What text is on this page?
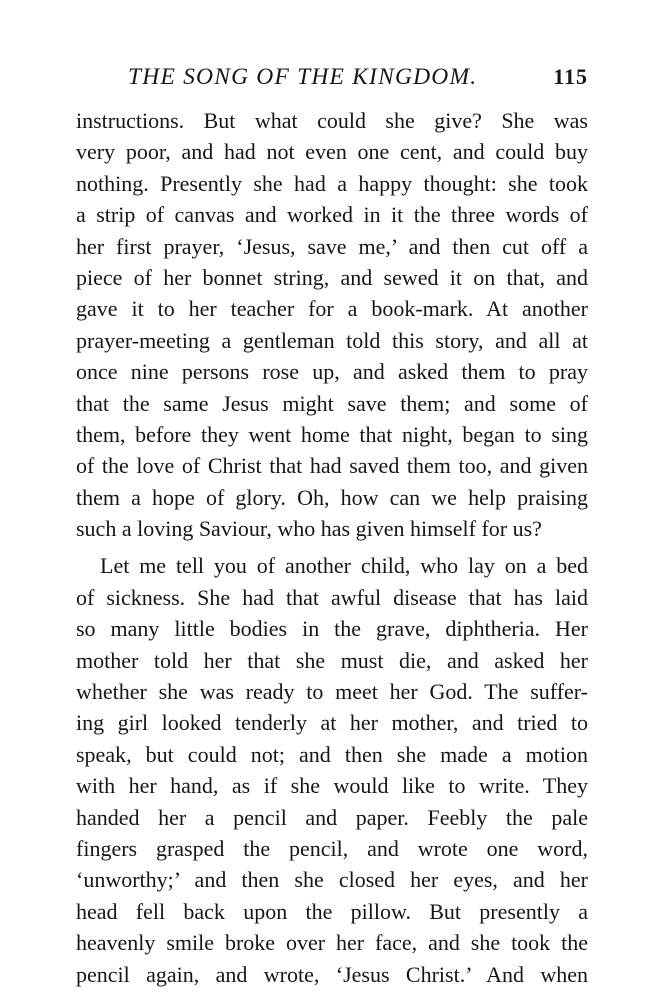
THE SONG OF THE KINGDOM.	115
instructions. But what could she give? She was
very poor, and had not even one cent, and could buy
nothing. Presently she had a happy thought: she took
a strip of canvas and worked in it the three words of
her first prayer, ‘Jesus, save me,’ and then cut off a
piece of her bonnet string, and sewed it on that, and
gave it to her teacher for a book-mark. At another
prayer-meeting a gentleman told this story, and all at
once nine persons rose up, and asked them to pray
that the same Jesus might save them; and some of
them, before they went home that night, began to sing
of the love of Christ that had saved them too, and given
them a hope of glory. Oh, how can we help praising
such a loving Saviour, who has given himself for us?
Let me tell you of another child, who lay on a bed
of sickness. She had that awful disease that has laid
so many little bodies in the grave, diphtheria. Her
mother told her that she must die, and asked her
whether she was ready to meet her God. The suffer-
ing girl looked tenderly at her mother, and tried to
speak, but could not; and then she made a motion
with her hand, as if she would like to write. They
handed her a pencil and paper. Feebly the pale
fingers grasped the pencil, and wrote one word,
‘unworthy;’ and then she closed her eyes, and her
head fell back upon the pillow. But presently a
heavenly smile broke over her face, and she took the
pencil again, and wrote, ‘Jesus Christ.’ And when
